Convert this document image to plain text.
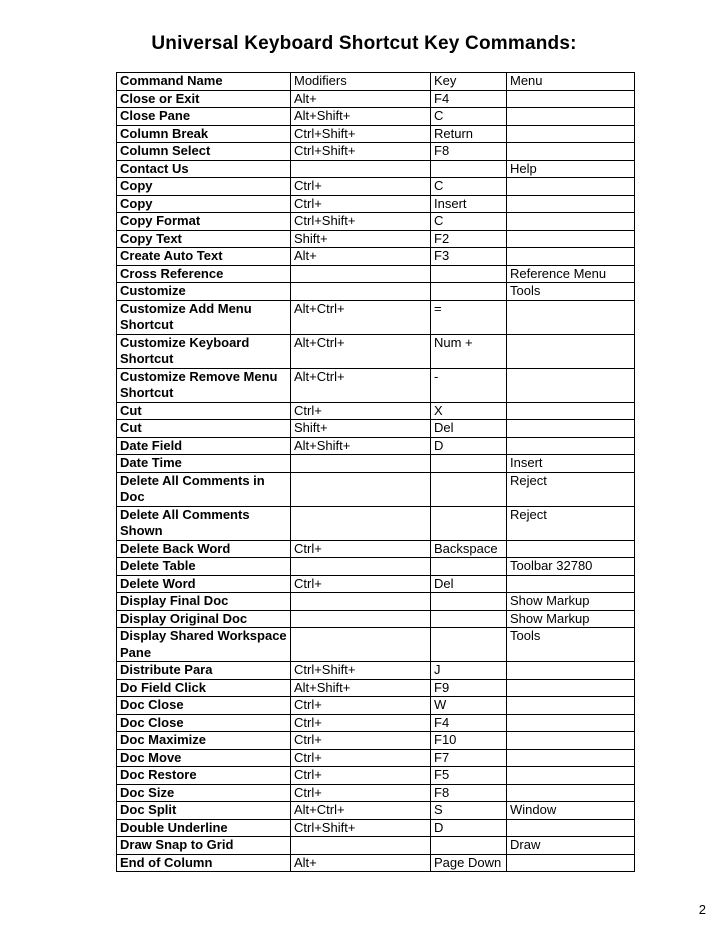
Universal Keyboard Shortcut Key Commands:
Command Name	Modifiers	Key	Menu
Close or Exit	Alt+	F4	
Close Pane	Alt+Shift+	C	
Column Break	Ctrl+Shift+	Return	
Column Select	Ctrl+Shift+	F8	
Contact Us			Help
Copy	Ctrl+	C	
Copy	Ctrl+	Insert	
Copy Format	Ctrl+Shift+	C	
Copy Text	Shift+	F2	
Create Auto Text	Alt+	F3	
Cross Reference			Reference Menu
Customize			Tools
Customize Add Menu Shortcut	Alt+Ctrl+	=	
Customize Keyboard Shortcut	Alt+Ctrl+	Num +	
Customize Remove Menu Shortcut	Alt+Ctrl+	-	
Cut	Ctrl+	X	
Cut	Shift+	Del	
Date Field	Alt+Shift+	D	
Date Time			Insert
Delete All Comments in Doc			Reject
Delete All Comments Shown			Reject
Delete Back Word	Ctrl+	Backspace	
Delete Table			Toolbar 32780
Delete Word	Ctrl+	Del	
Display Final Doc			Show Markup
Display Original Doc			Show Markup
Display Shared Workspace Pane			Tools
Distribute Para	Ctrl+Shift+	J	
Do Field Click	Alt+Shift+	F9	
Doc Close	Ctrl+	W	
Doc Close	Ctrl+	F4	
Doc Maximize	Ctrl+	F10	
Doc Move	Ctrl+	F7	
Doc Restore	Ctrl+	F5	
Doc Size	Ctrl+	F8	
Doc Split	Alt+Ctrl+	S	Window
Double Underline	Ctrl+Shift+	D	
Draw Snap to Grid			Draw
End of Column	Alt+	Page Down	
2
